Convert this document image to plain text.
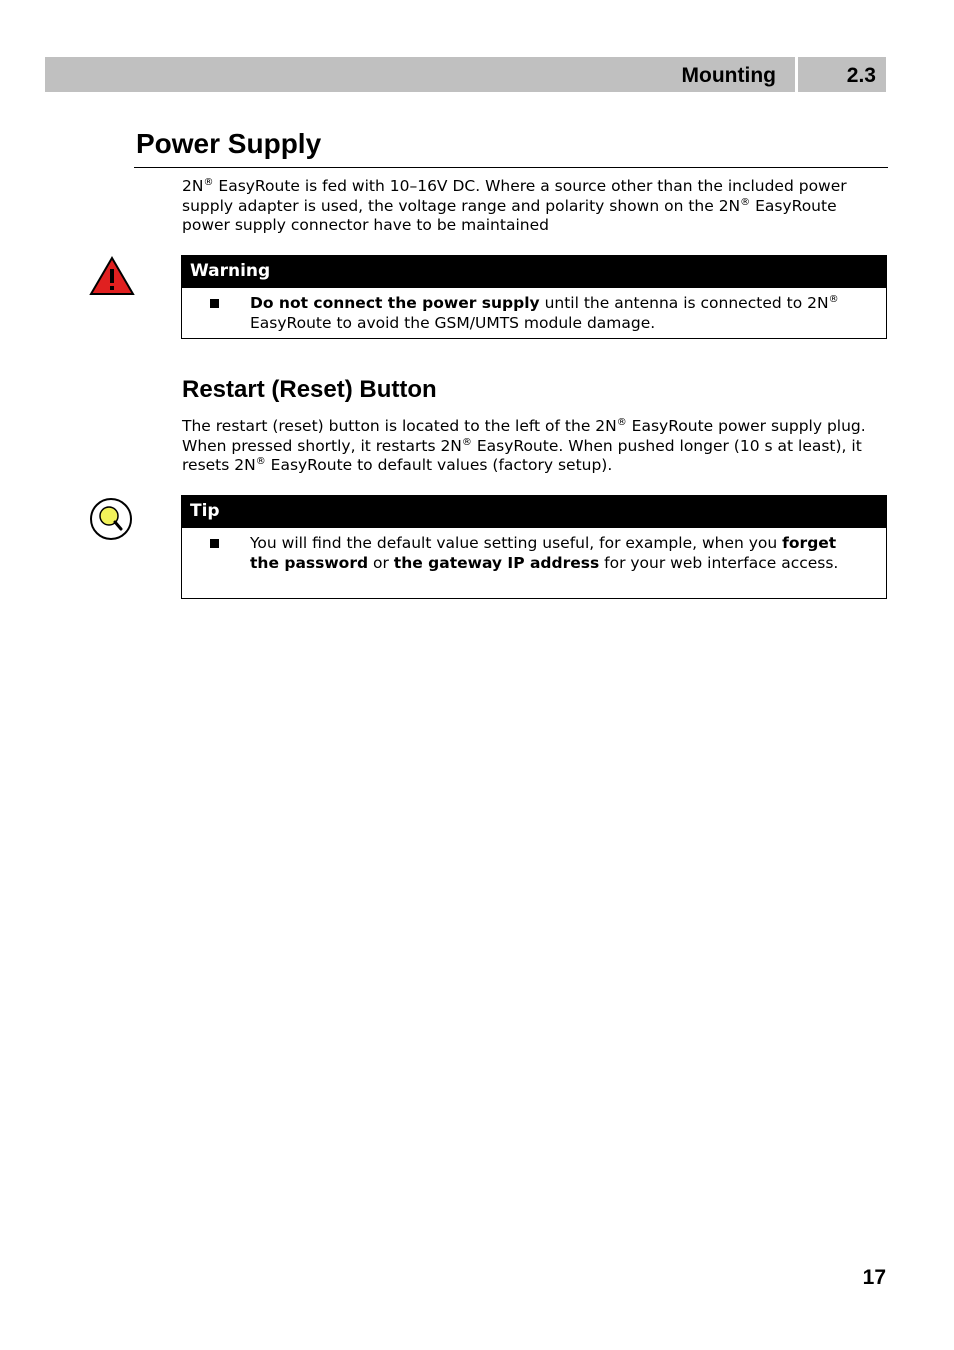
Mounting	2.3
Power Supply
2N® EasyRoute is fed with 10–16V DC. Where a source other than the included power supply adapter is used, the voltage range and polarity shown on the 2N® EasyRoute power supply connector have to be maintained
Warning
Do not connect the power supply until the antenna is connected to 2N® EasyRoute to avoid the GSM/UMTS module damage.
Restart (Reset) Button
The restart (reset) button is located to the left of the 2N® EasyRoute power supply plug. When pressed shortly, it restarts 2N® EasyRoute. When pushed longer (10 s at least), it resets 2N® EasyRoute to default values (factory setup).
Tip
You will find the default value setting useful, for example, when you forget the password or the gateway IP address for your web interface access.
17
